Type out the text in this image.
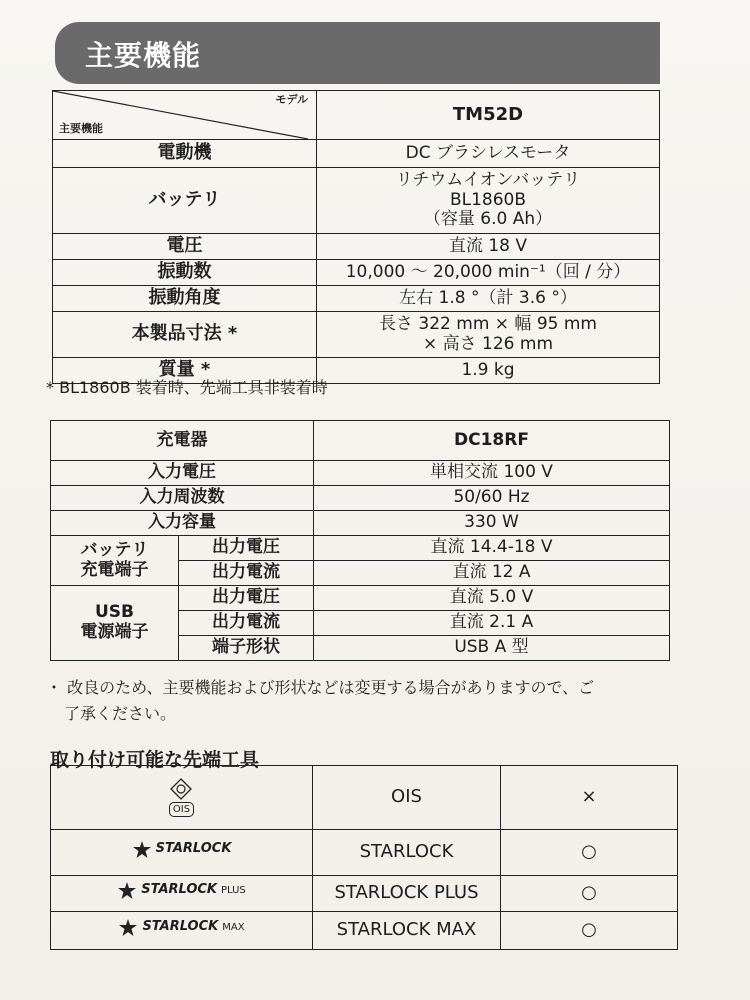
主要機能
モデル
主要機能	TM52D
電動機	DC ブラシレスモータ
バッテリ	リチウムイオンバッテリ
BL1860B
（容量 6.0 Ah）

電圧	直流 18 V
振動数	10,000 ～ 20,000 min⁻¹（回 / 分）
振動角度	左右 1.8 °（計 3.6 °）
本製品寸法 *	長さ 322 mm × 幅 95 mm
× 高さ 126 mm

質量 *	1.9 kg
* BL1860B 装着時、先端工具非装着時
充電器		DC18RF
入力電圧		単相交流 100 V
入力周波数		50/60 Hz
入力容量		330 W

バッテリ
充電端子	出力電圧	直流 14.4-18 V
	出力電流	直流 12 A

USB
電源端子	出力電圧	直流 5.0 V
	出力電流	直流 2.1 A
	端子形状	USB A 型
・ 改良のため、主要機能および形状などは変更する場合がありますので、ご
了承ください。
取り付け可能な先端工具
OIS	OIS	×

STARLOCK	STARLOCK	○

STARLOCK PLUS	STARLOCK PLUS	○

STARLOCK MAX	STARLOCK MAX	○
